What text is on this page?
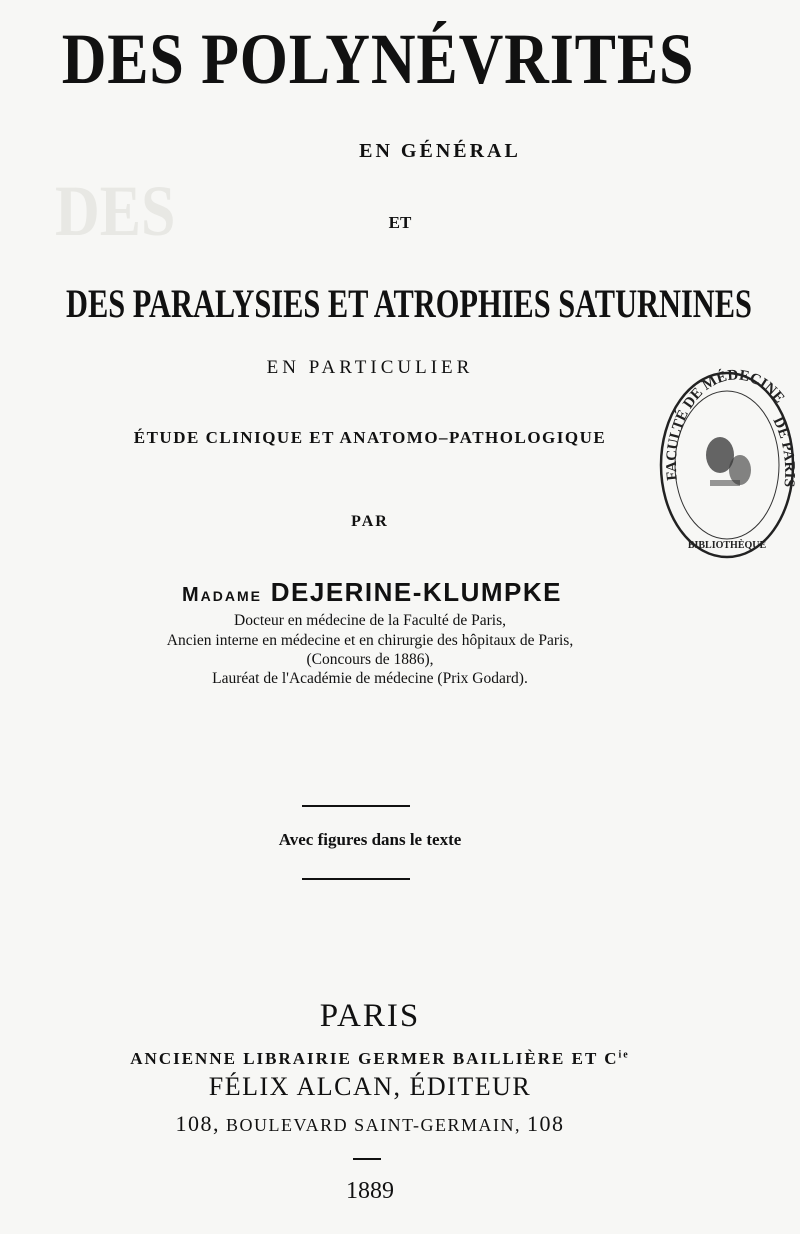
DES
DES POLYNÉVRITES
EN GÉNÉRAL
ET
DES PARALYSIES ET ATROPHIES SATURNINES
EN PARTICULIER
ÉTUDE CLINIQUE ET ANATOMO–PATHOLOGIQUE
PAR
Madame DEJERINE-KLUMPKE
Docteur en médecine de la Faculté de Paris,
Ancien interne en médecine et en chirurgie des hôpitaux de Paris,
(Concours de 1886),
Lauréat de l'Académie de médecine (Prix Godard).
Avec figures dans le texte
PARIS
ANCIENNE LIBRAIRIE GERMER BAILLIÈRE ET $C^{ie}$
FÉLIX ALCAN, ÉDITEUR
108, BOULEVARD SAINT-GERMAIN, 108
1889
FACULTÉ DE MÉDECINE
DE PARIS
BIBLIOTHÈQUE
